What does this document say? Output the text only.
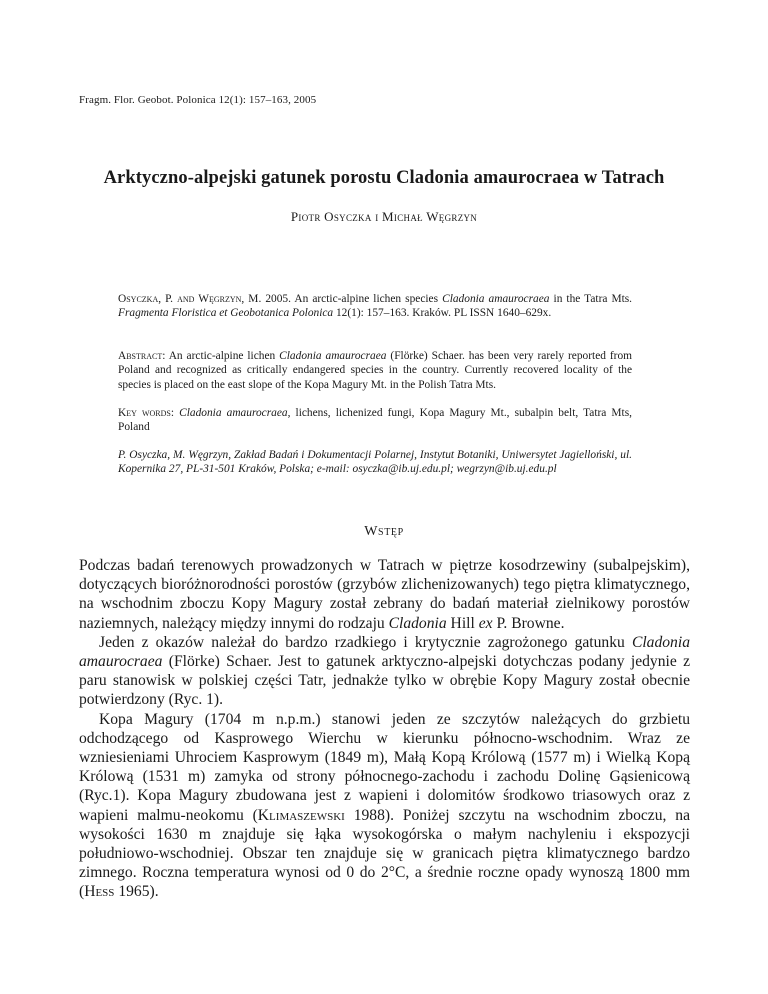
Fragm. Flor. Geobot. Polonica 12(1): 157–163, 2005
Arktyczno-alpejski gatunek porostu Cladonia amaurocraea w Tatrach
Piotr Osyczka i Michał Węgrzyn

Osyczka, P. and Węgrzyn, M. 2005. An arctic-alpine lichen species Cladonia amaurocraea in the Tatra Mts. Fragmenta Floristica et Geobotanica Polonica 12(1): 157–163. Kraków. PL ISSN 1640–629x.

Abstract: An arctic-alpine lichen Cladonia amaurocraea (Flörke) Schaer. has been very rarely reported from Poland and recognized as critically endangered species in the country. Currently recovered locality of the species is placed on the east slope of the Kopa Magury Mt. in the Polish Tatra Mts.

Key words: Cladonia amaurocraea, lichens, lichenized fungi, Kopa Magury Mt., subalpin belt, Tatra Mts, Poland

P. Osyczka, M. Węgrzyn, Zakład Badań i Dokumentacji Polarnej, Instytut Botaniki, Uniwersytet Jagielloński, ul. Kopernika 27, PL-31-501 Kraków, Polska; e-mail: osyczka@ib.uj.edu.pl; wegrzyn@ib.uj.edu.pl

Wstęp

Podczas badań terenowych prowadzonych w Tatrach w piętrze kosodrzewiny (subalpejskim), dotyczących bioróżnorodności porostów (grzybów zlichenizowanych) tego piętra klimatycznego, na wschodnim zboczu Kopy Magury został zebrany do badań materiał zielnikowy porostów naziemnych, należący między innymi do rodzaju Cladonia Hill ex P. Browne.

Jeden z okazów należał do bardzo rzadkiego i krytycznie zagrożonego gatunku Cladonia amaurocraea (Flörke) Schaer. Jest to gatunek arktyczno-alpejski dotychczas podany jedynie z paru stanowisk w polskiej części Tatr, jednakże tylko w obrębie Kopy Magury został obecnie potwierdzony (Ryc. 1).

Kopa Magury (1704 m n.p.m.) stanowi jeden ze szczytów należących do grzbietu odchodzącego od Kasprowego Wierchu w kierunku północno-wschodnim. Wraz ze wzniesieniami Uhrociem Kasprowym (1849 m), Małą Kopą Królową (1577 m) i Wielką Kopą Królową (1531 m) zamyka od strony północnego-zachodu i zachodu Dolinę Gąsienicową (Ryc.1). Kopa Magury zbudowana jest z wapieni i dolomitów środkowo triasowych oraz z wapieni malmu-neokomu (Klimaszewski 1988). Poniżej szczytu na wschodnim zboczu, na wysokości 1630 m znajduje się łąka wysokogórska o małym nachyleniu i ekspozycji południowo-wschodniej. Obszar ten znajduje się w granicach piętra klimatycznego bardzo zimnego. Roczna temperatura wynosi od 0 do 2°C, a średnie roczne opady wynoszą 1800 mm (Hess 1965).
